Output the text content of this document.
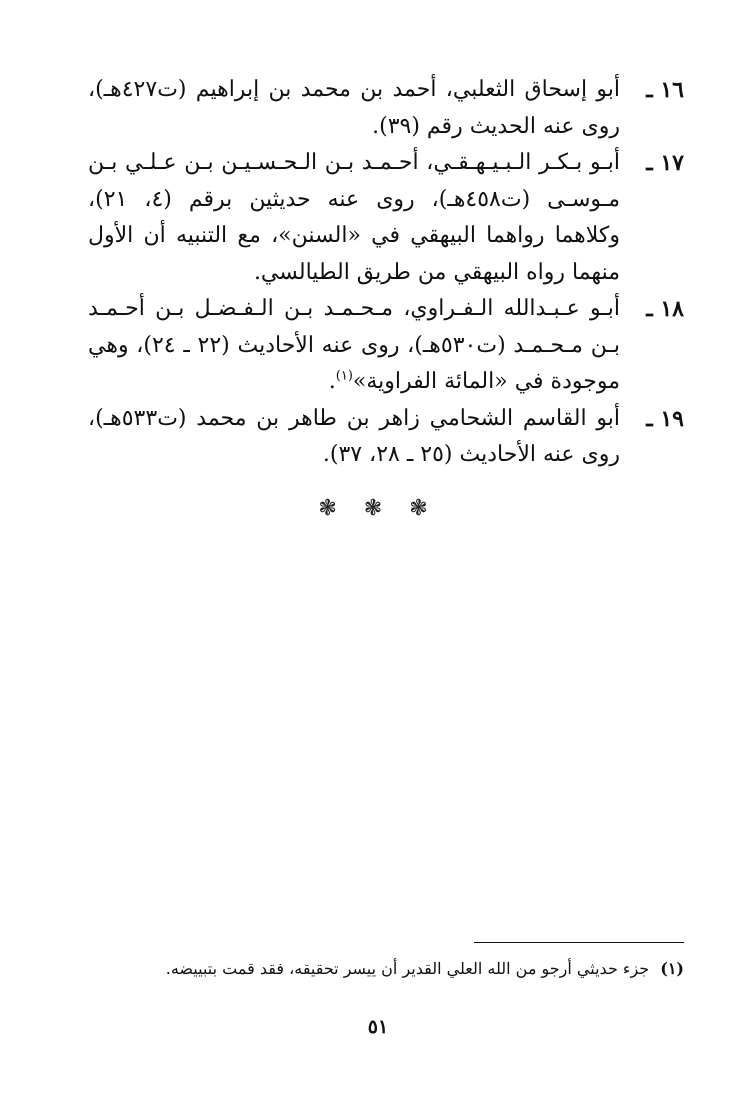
١٦ ـ
أبو إسحاق الثعلبي، أحمد بن محمد بن إبراهيم (ت٤٢٧هـ)، روى عنه الحديث رقم (٣٩).
١٧ ـ
أبـو بـكـر الـبـيـهـقـي، أحـمـد بـن الـحـسـيـن بـن عـلـي بـن مـوسـى (ت٤٥٨هـ)، روى عنه حديثين برقم (٤، ٢١)، وكلاهما رواهما البيهقي في «السنن»، مع التنبيه أن الأول منهما رواه البيهقي من طريق الطيالسي.
١٨ ـ
أبـو عـبـدالله الـفـراوي، مـحـمـد بـن الـفـضـل بـن أحـمـد بـن مـحـمـد (ت٥٣٠هـ)، روى عنه الأحاديث (٢٢ ـ ٢٤)، وهي موجودة في «المائة الفراوية»$^{(١)}$.
١٩ ـ
أبو القاسم الشحامي زاهر بن طاهر بن محمد (ت٥٣٣هـ)، روى عنه الأحاديث (٢٥ ـ ٢٨، ٣٧).
❃ ❃ ❃
(١) جزء حديثي أرجو من الله العلي القدير أن ييسر تحقيقه، فقد قمت بتبييضه.
٥١
